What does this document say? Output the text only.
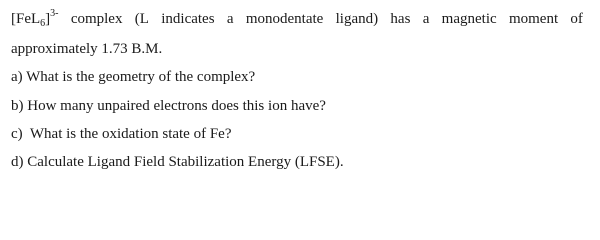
$[FeL_6]^{3-}$ complex (L indicates a monodentate ligand) has a magnetic moment of
approximately 1.73 B.M.
a) What is the geometry of the complex?
b) How many unpaired electrons does this ion have?
c)  What is the oxidation state of Fe?
d) Calculate Ligand Field Stabilization Energy (LFSE).
